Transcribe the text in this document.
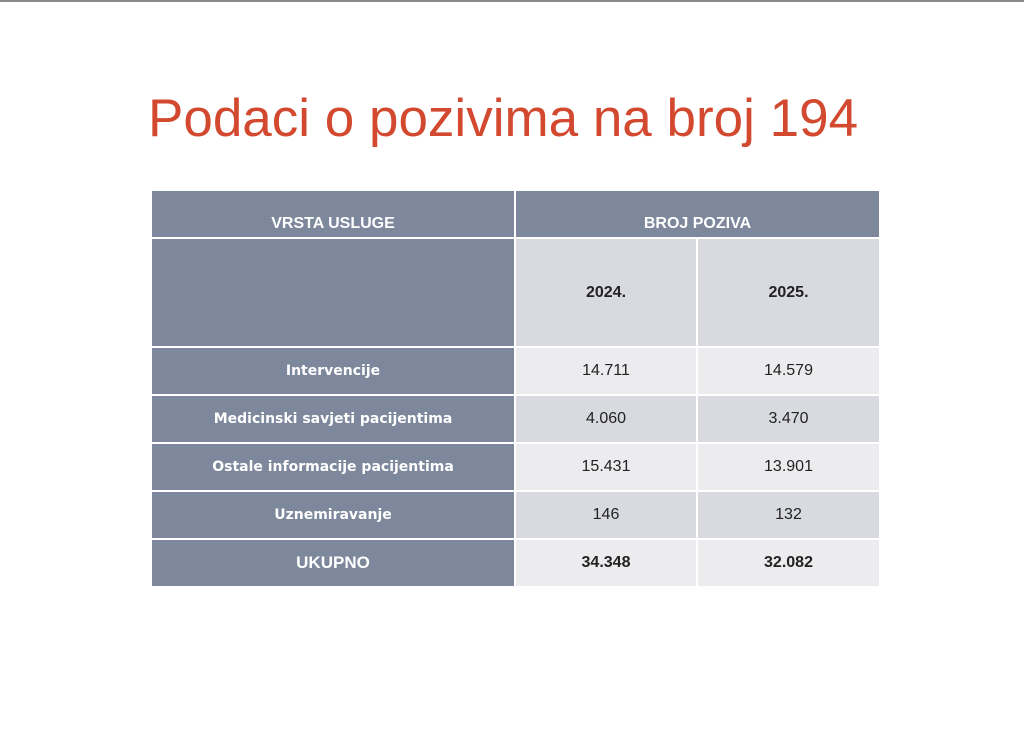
Podaci o pozivima na broj 194
VRSTA USLUGE	BROJ POZIVA	
	2024.	2025.
Intervencije	14.711	14.579
Medicinski savjeti pacijentima	4.060	3.470
Ostale informacije pacijentima	15.431	13.901
Uznemiravanje	146	132
UKUPNO	34.348	32.082
